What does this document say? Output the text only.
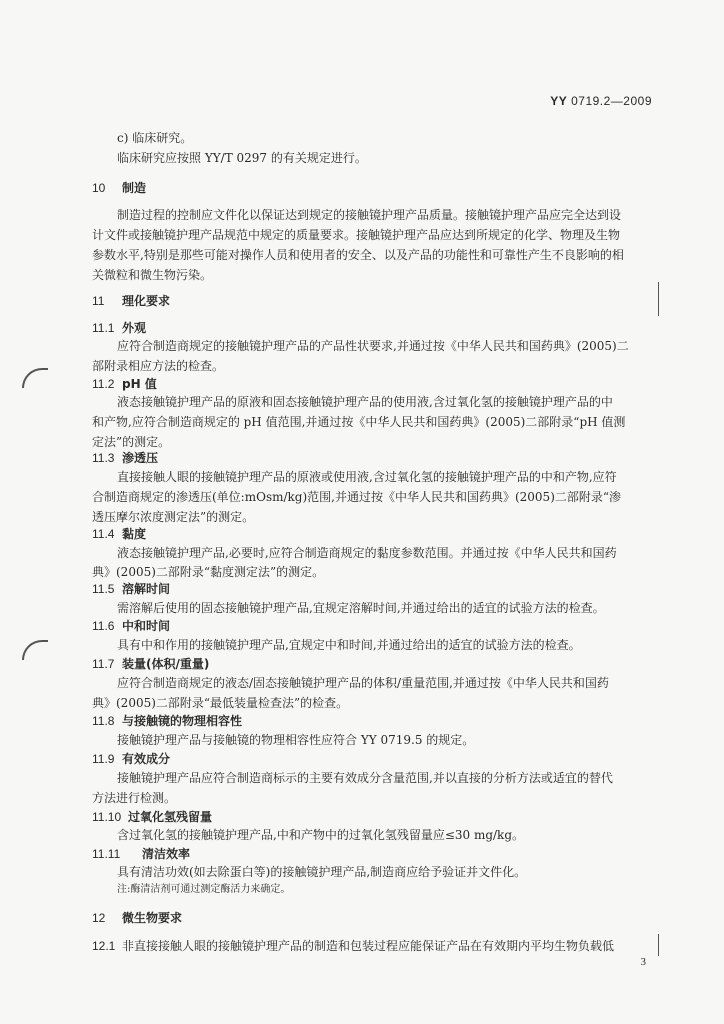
YY 0719.2—2009
c) 临床研究。
临床研究应按照 YY/T 0297 的有关规定进行。
10 制造
制造过程的控制应文件化以保证达到规定的接触镜护理产品质量。接触镜护理产品应完全达到设
计文件或接触镜护理产品规范中规定的质量要求。接触镜护理产品应达到所规定的化学、物理及生物
参数水平,特别是那些可能对操作人员和使用者的安全、以及产品的功能性和可靠性产生不良影响的相
关微粒和微生物污染。
11 理化要求
11.1 外观
应符合制造商规定的接触镜护理产品的产品性状要求,并通过按《中华人民共和国药典》(2005)二
部附录相应方法的检查。
11.2 pH 值
液态接触镜护理产品的原液和固态接触镜护理产品的使用液,含过氧化氢的接触镜护理产品的中
和产物,应符合制造商规定的 pH 值范围,并通过按《中华人民共和国药典》(2005)二部附录“pH 值测
定法”的测定。
11.3 渗透压
直接接触人眼的接触镜护理产品的原液或使用液,含过氧化氢的接触镜护理产品的中和产物,应符
合制造商规定的渗透压(单位:mOsm/kg)范围,并通过按《中华人民共和国药典》(2005)二部附录“渗
透压摩尔浓度测定法”的测定。
11.4 黏度
液态接触镜护理产品,必要时,应符合制造商规定的黏度参数范围。并通过按《中华人民共和国药
典》(2005)二部附录“黏度测定法”的测定。
11.5 溶解时间
需溶解后使用的固态接触镜护理产品,宜规定溶解时间,并通过给出的适宜的试验方法的检查。
11.6 中和时间
具有中和作用的接触镜护理产品,宜规定中和时间,并通过给出的适宜的试验方法的检查。
11.7 装量(体积/重量)
应符合制造商规定的液态/固态接触镜护理产品的体积/重量范围,并通过按《中华人民共和国药
典》(2005)二部附录“最低装量检查法”的检查。
11.8 与接触镜的物理相容性
接触镜护理产品与接触镜的物理相容性应符合 YY 0719.5 的规定。
11.9 有效成分
接触镜护理产品应符合制造商标示的主要有效成分含量范围,并以直接的分析方法或适宜的替代
方法进行检测。
11.10 过氧化氢残留量
含过氧化氢的接触镜护理产品,中和产物中的过氧化氢残留量应≤30 mg/kg。
11.11 清洁效率
具有清洁功效(如去除蛋白等)的接触镜护理产品,制造商应给予验证并文件化。
注:酶清洁剂可通过测定酶活力来确定。
12 微生物要求
12.1 非直接接触人眼的接触镜护理产品的制造和包装过程应能保证产品在有效期内平均生物负载低
3
